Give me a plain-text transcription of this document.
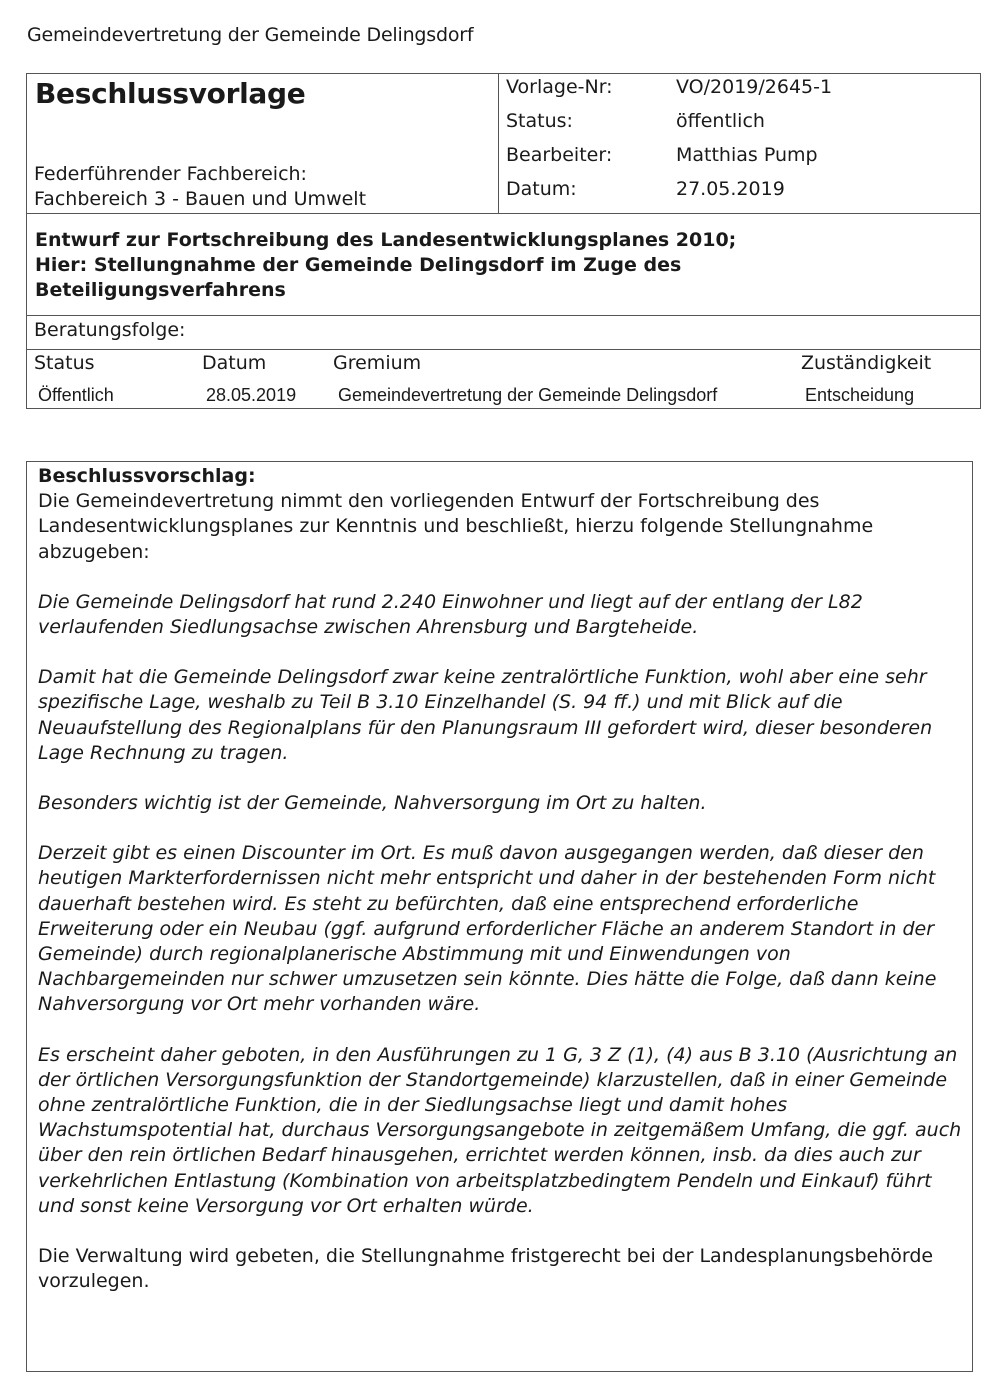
Gemeindevertretung der Gemeinde Delingsdorf
Beschlussvorlage
Federführender Fachbereich:
Fachbereich 3 - Bauen und Umwelt
Vorlage-Nr:	VO/2019/2645-1
Status:	öffentlich
Bearbeiter:	Matthias Pump
Datum:	27.05.2019
Entwurf zur Fortschreibung des Landesentwicklungsplanes 2010;
Hier: Stellungnahme der Gemeinde Delingsdorf im Zuge des
Beteiligungsverfahrens
Beratungsfolge:
Status	Datum	Gremium	Zuständigkeit
Öffentlich	28.05.2019 Gemeindevertretung der Gemeinde Delingsdorf	Entscheidung

Beschlussvorschlag:

Die Gemeindevertretung nimmt den vorliegenden Entwurf der Fortschreibung des Landesentwicklungsplanes zur Kenntnis und beschließt, hierzu folgende Stellungnahme abzugeben:

Die Gemeinde Delingsdorf hat rund 2.240 Einwohner und liegt auf der entlang der L82 verlaufenden Siedlungsachse zwischen Ahrensburg und Bargteheide.

Damit hat die Gemeinde Delingsdorf zwar keine zentralörtliche Funktion, wohl aber eine sehr spezifische Lage, weshalb zu Teil B 3.10 Einzelhandel (S. 94 ff.) und mit Blick auf die Neuaufstellung des Regionalplans für den Planungsraum III gefordert wird, dieser besonderen Lage Rechnung zu tragen.

Besonders wichtig ist der Gemeinde, Nahversorgung im Ort zu halten.

Derzeit gibt es einen Discounter im Ort. Es muß davon ausgegangen werden, daß dieser den heutigen Markterfordernissen nicht mehr entspricht und daher in der bestehenden Form nicht dauerhaft bestehen wird. Es steht zu befürchten, daß eine entsprechend erforderliche Erweiterung oder ein Neubau (ggf. aufgrund erforderlicher Fläche an anderem Standort in der Gemeinde) durch regionalplanerische Abstimmung mit und Einwendungen von Nachbargemeinden nur schwer umzusetzen sein könnte. Dies hätte die Folge, daß dann keine Nahversorgung vor Ort mehr vorhanden wäre.

Es erscheint daher geboten, in den Ausführungen zu 1 G, 3 Z (1), (4) aus B 3.10 (Ausrichtung an der örtlichen Versorgungsfunktion der Standortgemeinde) klarzustellen, daß in einer Gemeinde ohne zentralörtliche Funktion, die in der Siedlungsachse liegt und damit hohes Wachstumspotential hat, durchaus Versorgungsangebote in zeitgemäßem Umfang, die ggf. auch über den rein örtlichen Bedarf hinausgehen, errichtet werden können, insb. da dies auch zur verkehrlichen Entlastung (Kombination von arbeitsplatzbedingtem Pendeln und Einkauf) führt und sonst keine Versorgung vor Ort erhalten würde.

Die Verwaltung wird gebeten, die Stellungnahme fristgerecht bei der Landesplanungsbehörde vorzulegen.
